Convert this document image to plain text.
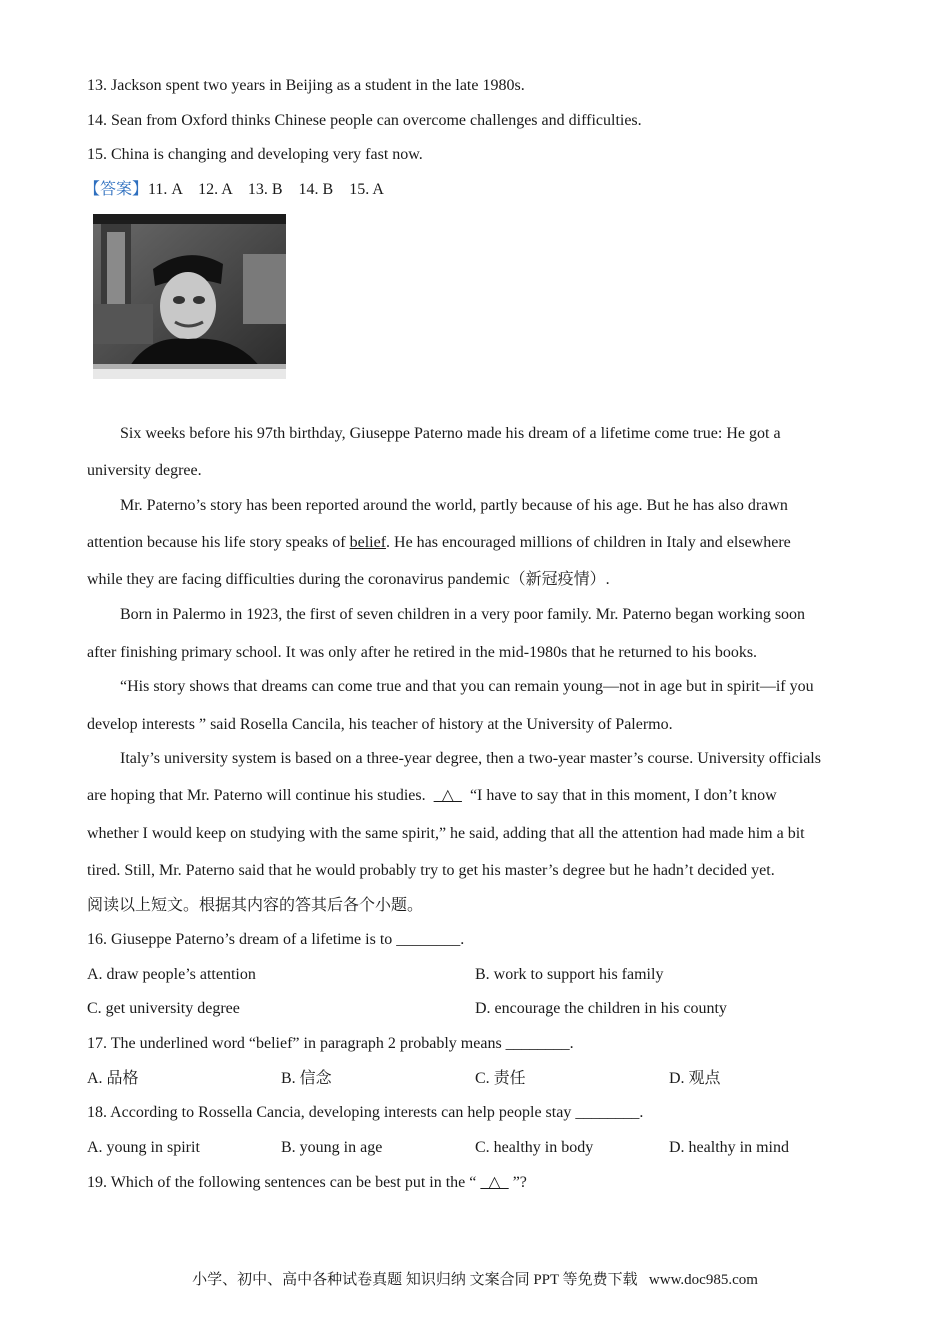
13. Jackson spent two years in Beijing as a student in the late 1980s.
14. Sean from Oxford thinks Chinese people can overcome challenges and difficulties.
15. China is changing and developing very fast now.
【答案】11. A    12. A    13. B    14. B    15. A
Six weeks before his 97th birthday, Giuseppe Paterno made his dream of a lifetime come true: He got a
university degree.
Mr. Paterno’s story has been reported around the world, partly because of his age. But he has also drawn
attention because his life story speaks of belief. He has encouraged millions of children in Italy and elsewhere
while they are facing difficulties during the coronavirus pandemic（新冠疫情）.
Born in Palermo in 1923, the first of seven children in a very poor family. Mr. Paterno began working soon
after finishing primary school. It was only after he retired in the mid-1980s that he returned to his books.
“His story shows that dreams can come true and that you can remain young—not in age but in spirit—if you
develop interests ” said Rosella Cancila, his teacher of history at the University of Palermo.
Italy’s university system is based on a three-year degree, then a two-year master’s course. University officials
are hoping that Mr. Paterno will continue his studies.   △   “I have to say that in this moment, I don’t know
whether I would keep on studying with the same spirit,” he said, adding that all the attention had made him a bit
tired. Still, Mr. Paterno said that he would probably try to get his master’s degree but he hadn’t decided yet.
阅读以上短文。根据其内容的答其后各个小题。
16. Giuseppe Paterno’s dream of a lifetime is to ________.
A. draw people’s attention	B. work to support his family
C. get university degree	D. encourage the children in his county
17. The underlined word “belief” in paragraph 2 probably means ________.
A. 品格	B. 信念	C. 责任	D. 观点
18. According to Rossella Cancia, developing interests can help people stay ________.
A. young in spirit	B. young in age	C. healthy in body	D. healthy in mind
19. Which of the following sentences can be best put in the “  △  ”?
小学、初中、高中各种试卷真题 知识归纳 文案合同 PPT 等免费下载   www.doc985.com
